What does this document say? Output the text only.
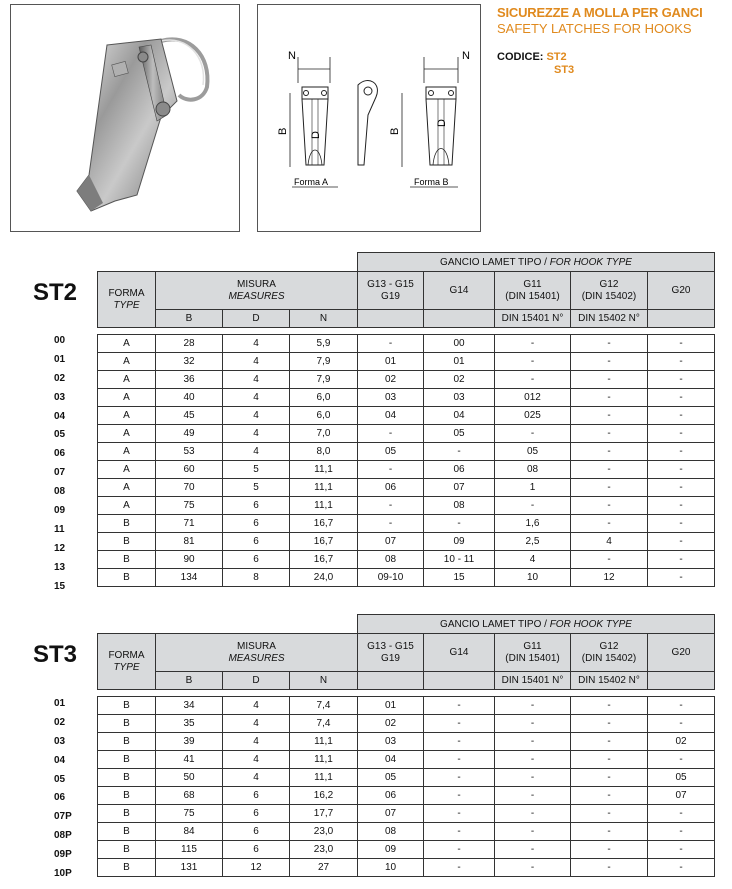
N
D
B
Forma A
N
D
B
Forma B
SICUREZZE A MOLLA PER GANCI
SAFETY LATCHES FOR HOOKS
CODICE: ST2
ST3
ST2
00
01
02
03
04
05
06
07
08
09
11
12
13
15
				GANCIO LAMET TIPO / FOR HOOK TYPE				
FORMA
TYPE	MISURA
MEASURES			G13 - G15
G19	G14	G11
(DIN 15401)	G12
(DIN 15402)	G20
	B	D	N			DIN 15401 N°	DIN 15402 N°	

A	28	4	5,9	-	00	-	-	-
A	32	4	7,9	01	01	-	-	-
A	36	4	7,9	02	02	-	-	-
A	40	4	6,0	03	03	012	-	-
A	45	4	6,0	04	04	025	-	-
A	49	4	7,0	-	05	-	-	-
A	53	4	8,0	05	-	05	-	-
A	60	5	11,1	-	06	08	-	-
A	70	5	11,1	06	07	1	-	-
A	75	6	11,1	-	08	-	-	-
B	71	6	16,7	-	-	1,6	-	-
B	81	6	16,7	07	09	2,5	4	-
B	90	6	16,7	08	10 - 11	4	-	-
B	134	8	24,0	09-10	15	10	12	-
ST3
01
02
03
04
05
06
07P
08P
09P
10P
				GANCIO LAMET TIPO / FOR HOOK TYPE				
FORMA
TYPE	MISURA
MEASURES			G13 - G15
G19	G14	G11
(DIN 15401)	G12
(DIN 15402)	G20
	B	D	N			DIN 15401 N°	DIN 15402 N°	

B	34	4	7,4	01	-	-	-	-
B	35	4	7,4	02	-	-	-	-
B	39	4	11,1	03	-	-	-	02
B	41	4	11,1	04	-	-	-	-
B	50	4	11,1	05	-	-	-	05
B	68	6	16,2	06	-	-	-	07
B	75	6	17,7	07	-	-	-	-
B	84	6	23,0	08	-	-	-	-
B	115	6	23,0	09	-	-	-	-
B	131	12	27	10	-	-	-	-
